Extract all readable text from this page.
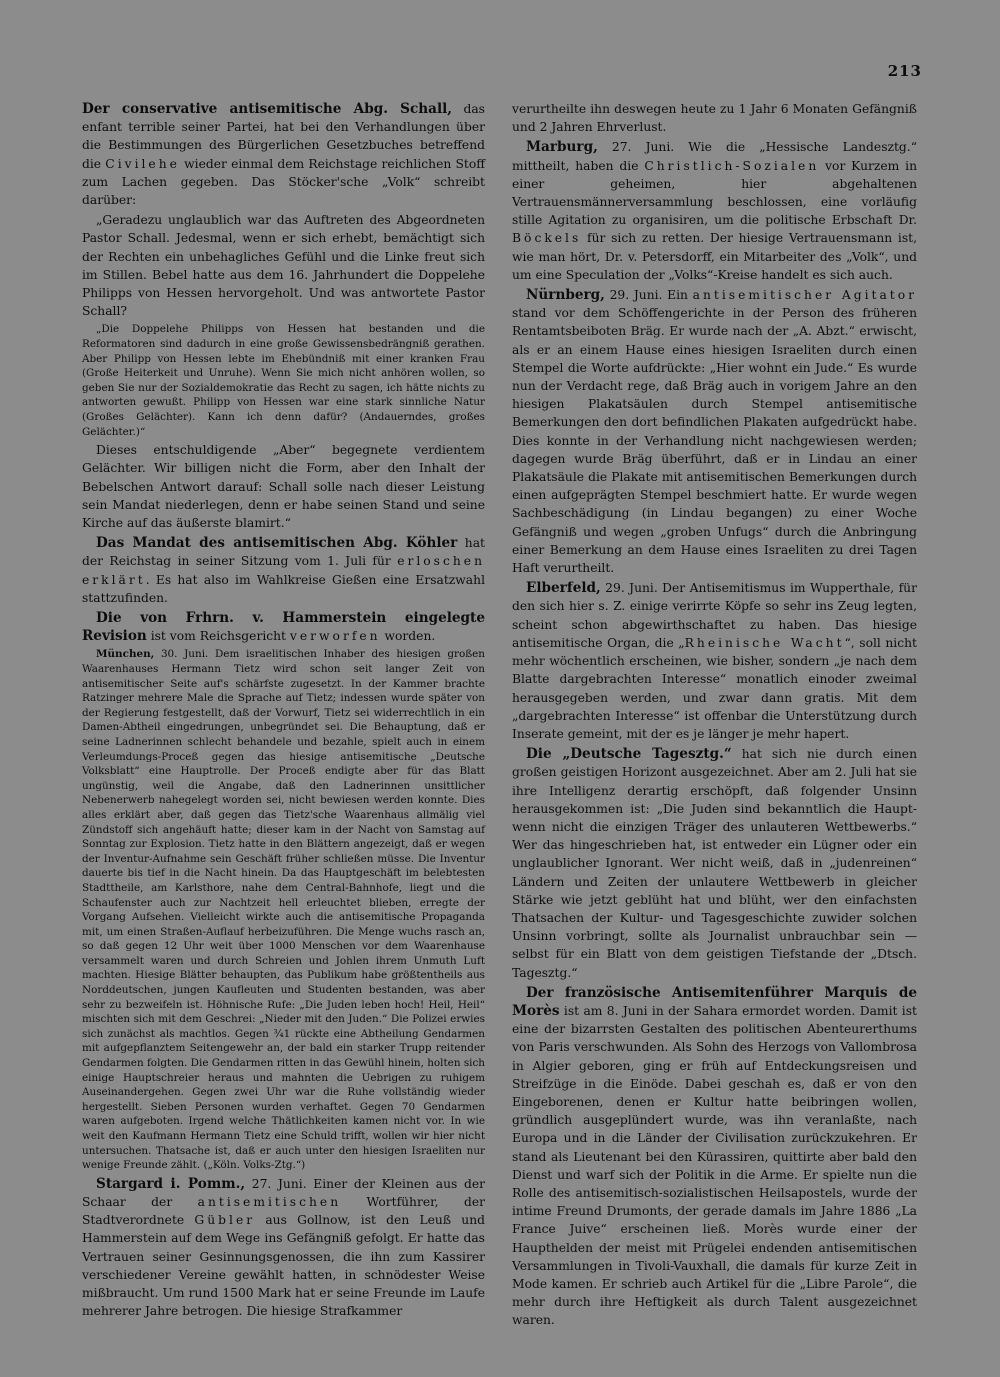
213

Der conservative antisemitische Abg. Schall, das enfant terrible seiner Partei, hat bei den Verhandlungen über die Bestimmungen des Bürgerlichen Gesetzbuches betreffend die Civilehe wieder einmal dem Reichstage reichlichen Stoff zum Lachen gegeben. Das Stöcker'sche „Volk“ schreibt darüber:

„Geradezu unglaublich war das Auftreten des Abgeordneten Pastor Schall. Jedesmal, wenn er sich erhebt, bemächtigt sich der Rechten ein unbehagliches Gefühl und die Linke freut sich im Stillen. Bebel hatte aus dem 16. Jahrhundert die Doppelehe Philipps von Hessen hervorgeholt. Und was antwortete Pastor Schall?

„Die Doppelehe Philipps von Hessen hat bestanden und die Reformatoren sind dadurch in eine große Gewissensbedrängniß gerathen. Aber Philipp von Hessen lebte im Ehebündniß mit einer kranken Frau (Große Heiterkeit und Unruhe). Wenn Sie mich nicht anhören wollen, so geben Sie nur der Sozialdemokratie das Recht zu sagen, ich hätte nichts zu antworten gewußt. Philipp von Hessen war eine stark sinnliche Natur (Großes Gelächter). Kann ich denn dafür? (Andauerndes, großes Gelächter.)“

Dieses entschuldigende „Aber“ begegnete verdientem Gelächter. Wir billigen nicht die Form, aber den Inhalt der Bebelschen Antwort darauf: Schall solle nach dieser Leistung sein Mandat niederlegen, denn er habe seinen Stand und seine Kirche auf das äußerste blamirt.“

Das Mandat des antisemitischen Abg. Köhler hat der Reichstag in seiner Sitzung vom 1. Juli für erloschen erklärt. Es hat also im Wahlkreise Gießen eine Ersatzwahl stattzufinden.

Die von Frhrn. v. Hammerstein eingelegte Revision ist vom Reichsgericht verworfen worden.

München, 30. Juni. Dem israelitischen Inhaber des hiesigen großen Waarenhauses Hermann Tietz wird schon seit langer Zeit von antisemitischer Seite auf's schärfste zugesetzt. In der Kammer brachte Ratzinger mehrere Male die Sprache auf Tietz; indessen wurde später von der Regierung festgestellt, daß der Vorwurf, Tietz sei widerrechtlich in ein Damen-Abtheil eingedrungen, unbegründet sei. Die Behauptung, daß er seine Ladnerinnen schlecht behandele und bezahle, spielt auch in einem Verleumdungs-Proceß gegen das hiesige antisemitische „Deutsche Volksblatt“ eine Hauptrolle. Der Proceß endigte aber für das Blatt ungünstig, weil die Angabe, daß den Ladnerinnen unsittlicher Nebenerwerb nahegelegt worden sei, nicht bewiesen werden konnte. Dies alles erklärt aber, daß gegen das Tietz'sche Waarenhaus allmälig viel Zündstoff sich angehäuft hatte; dieser kam in der Nacht von Samstag auf Sonntag zur Explosion. Tietz hatte in den Blättern angezeigt, daß er wegen der Inventur-Aufnahme sein Geschäft früher schließen müsse. Die Inventur dauerte bis tief in die Nacht hinein. Da das Hauptgeschäft im belebtesten Stadttheile, am Karlsthore, nahe dem Central-Bahnhofe, liegt und die Schaufenster auch zur Nachtzeit hell erleuchtet blieben, erregte der Vorgang Aufsehen. Vielleicht wirkte auch die antisemitische Propaganda mit, um einen Straßen-Auflauf herbeizuführen. Die Menge wuchs rasch an, so daß gegen 12 Uhr weit über 1000 Menschen vor dem Waarenhause versammelt waren und durch Schreien und Johlen ihrem Unmuth Luft machten. Hiesige Blätter behaupten, das Publikum habe größtentheils aus Norddeutschen, jungen Kaufleuten und Studenten bestanden, was aber sehr zu bezweifeln ist. Höhnische Rufe: „Die Juden leben hoch! Heil, Heil“ mischten sich mit dem Geschrei: „Nieder mit den Juden.“ Die Polizei erwies sich zunächst als machtlos. Gegen ¾1 rückte eine Abtheilung Gendarmen mit aufgepflanztem Seitengewehr an, der bald ein starker Trupp reitender Gendarmen folgten. Die Gendarmen ritten in das Gewühl hinein, holten sich einige Hauptschreier heraus und mahnten die Uebrigen zu ruhigem Auseinandergehen. Gegen zwei Uhr war die Ruhe vollständig wieder hergestellt. Sieben Personen wurden verhaftet. Gegen 70 Gendarmen waren aufgeboten. Irgend welche Thätlichkeiten kamen nicht vor. In wie weit den Kaufmann Hermann Tietz eine Schuld trifft, wollen wir hier nicht untersuchen. Thatsache ist, daß er auch unter den hiesigen Israeliten nur wenige Freunde zählt. („Köln. Volks-Ztg.“)

Stargard i. Pomm., 27. Juni. Einer der Kleinen aus der Schaar der antisemitischen Wortführer, der Stadtverordnete Gübler aus Gollnow, ist den Leuß und Hammerstein auf dem Wege ins Gefängniß gefolgt. Er hatte das Vertrauen seiner Gesinnungsgenossen, die ihn zum Kassirer verschiedener Vereine gewählt hatten, in schnödester Weise mißbraucht. Um rund 1500 Mark hat er seine Freunde im Laufe mehrerer Jahre betrogen. Die hiesige Strafkammer

verurtheilte ihn deswegen heute zu 1 Jahr 6 Monaten Gefängniß und 2 Jahren Ehrverlust.

Marburg, 27. Juni. Wie die „Hessische Landesztg.“ mittheilt, haben die Christlich-Sozialen vor Kurzem in einer geheimen, hier abgehaltenen Vertrauensmännerversammlung beschlossen, eine vorläufig stille Agitation zu organisiren, um die politische Erbschaft Dr. Böckels für sich zu retten. Der hiesige Vertrauensmann ist, wie man hört, Dr. v. Petersdorff, ein Mitarbeiter des „Volk“, und um eine Speculation der „Volks“-Kreise handelt es sich auch.

Nürnberg, 29. Juni. Ein antisemitischer Agitator stand vor dem Schöffengerichte in der Person des früheren Rentamtsbeiboten Bräg. Er wurde nach der „A. Abzt.“ erwischt, als er an einem Hause eines hiesigen Israeliten durch einen Stempel die Worte aufdrückte: „Hier wohnt ein Jude.“ Es wurde nun der Verdacht rege, daß Bräg auch in vorigem Jahre an den hiesigen Plakatsäulen durch Stempel antisemitische Bemerkungen den dort befindlichen Plakaten aufgedrückt habe. Dies konnte in der Verhandlung nicht nachgewiesen werden; dagegen wurde Bräg überführt, daß er in Lindau an einer Plakatsäule die Plakate mit antisemitischen Bemerkungen durch einen aufgeprägten Stempel beschmiert hatte. Er wurde wegen Sachbeschädigung (in Lindau begangen) zu einer Woche Gefängniß und wegen „groben Unfugs“ durch die Anbringung einer Bemerkung an dem Hause eines Israeliten zu drei Tagen Haft verurtheilt.

Elberfeld, 29. Juni. Der Antisemitismus im Wupperthale, für den sich hier s. Z. einige verirrte Köpfe so sehr ins Zeug legten, scheint schon abgewirthschaftet zu haben. Das hiesige antisemitische Organ, die „Rheinische Wacht“, soll nicht mehr wöchentlich erscheinen, wie bisher, sondern „je nach dem Blatte dargebrachten Interesse“ monatlich einoder zweimal herausgegeben werden, und zwar dann gratis. Mit dem „dargebrachten Interesse“ ist offenbar die Unterstützung durch Inserate gemeint, mit der es je länger je mehr hapert.

Die „Deutsche Tagesztg.“ hat sich nie durch einen großen geistigen Horizont ausgezeichnet. Aber am 2. Juli hat sie ihre Intelligenz derartig erschöpft, daß folgender Unsinn herausgekommen ist: „Die Juden sind bekanntlich die Haupt- wenn nicht die einzigen Träger des unlauteren Wettbewerbs.“ Wer das hingeschrieben hat, ist entweder ein Lügner oder ein unglaublicher Ignorant. Wer nicht weiß, daß in „judenreinen“ Ländern und Zeiten der unlautere Wettbewerb in gleicher Stärke wie jetzt geblüht hat und blüht, wer den einfachsten Thatsachen der Kultur- und Tagesgeschichte zuwider solchen Unsinn vorbringt, sollte als Journalist unbrauchbar sein — selbst für ein Blatt von dem geistigen Tiefstande der „Dtsch. Tagesztg.“

Der französische Antisemitenführer Marquis de Morès ist am 8. Juni in der Sahara ermordet worden. Damit ist eine der bizarrsten Gestalten des politischen Abenteurerthums von Paris verschwunden. Als Sohn des Herzogs von Vallombrosa in Algier geboren, ging er früh auf Entdeckungsreisen und Streifzüge in die Einöde. Dabei geschah es, daß er von den Eingeborenen, denen er Kultur hatte beibringen wollen, gründlich ausgeplündert wurde, was ihn veranlaßte, nach Europa und in die Länder der Civilisation zurückzukehren. Er stand als Lieutenant bei den Kürassiren, quittirte aber bald den Dienst und warf sich der Politik in die Arme. Er spielte nun die Rolle des antisemitisch-sozialistischen Heilsapostels, wurde der intime Freund Drumonts, der gerade damals im Jahre 1886 „La France Juive“ erscheinen ließ. Morès wurde einer der Haupthelden der meist mit Prügelei endenden antisemitischen Versammlungen in Tivoli-Vauxhall, die damals für kurze Zeit in Mode kamen. Er schrieb auch Artikel für die „Libre Parole“, die mehr durch ihre Heftigkeit als durch Talent ausgezeichnet waren.
